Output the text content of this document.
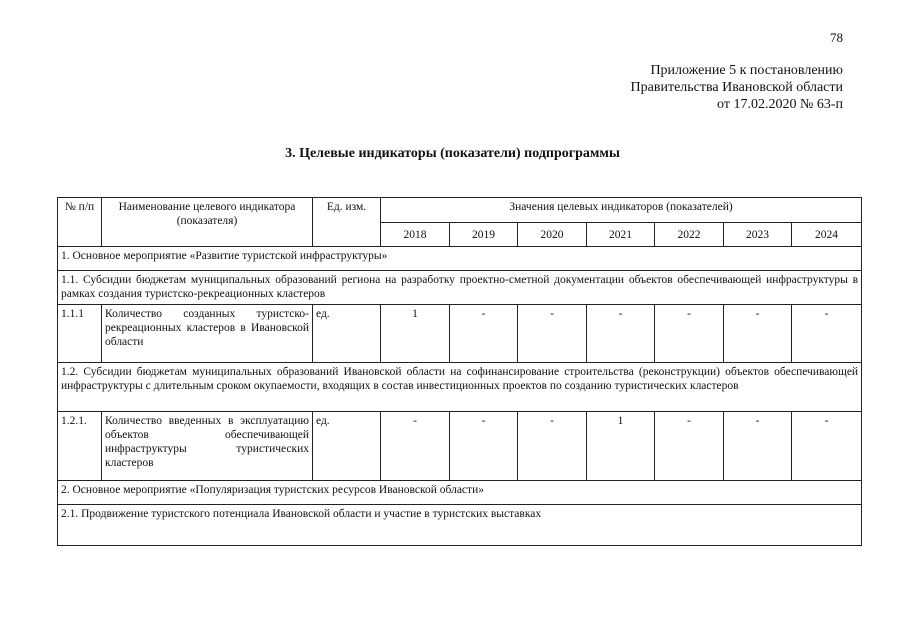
78
Приложение 5 к постановлению
Правительства Ивановской области
от 17.02.2020 № 63-п
3. Целевые индикаторы (показатели) подпрограммы
№ п/п	Наименование целевого индикатора (показателя)	Ед. изм.	Значения целевых индикаторов (показателей)						
			2018	2019	2020	2021	2022	2023	2024
1. Основное мероприятие «Развитие туристской инфраструктуры»									
1.1. Субсидии бюджетам муниципальных образований региона на разработку проектно-сметной документации объектов обеспечивающей инфраструктуры в рамках создания туристско-рекреационных кластеров									
1.1.1	Количество созданных туристско-рекреационных кластеров в Ивановской области	ед.	1	-	-	-	-	-	-
1.2. Субсидии бюджетам муниципальных образований Ивановской области на софинансирование строительства (реконструкции) объектов обеспечивающей инфраструктуры с длительным сроком окупаемости, входящих в состав инвестиционных проектов по созданию туристических кластеров									
1.2.1.	Количество введенных в эксплуатацию объектов обеспечивающей инфраструктуры туристических кластеров	ед.	-	-	-	1	-	-	-
2. Основное мероприятие «Популяризация туристских ресурсов Ивановской области»									
2.1. Продвижение туристского потенциала Ивановской области и участие в туристских выставках									
